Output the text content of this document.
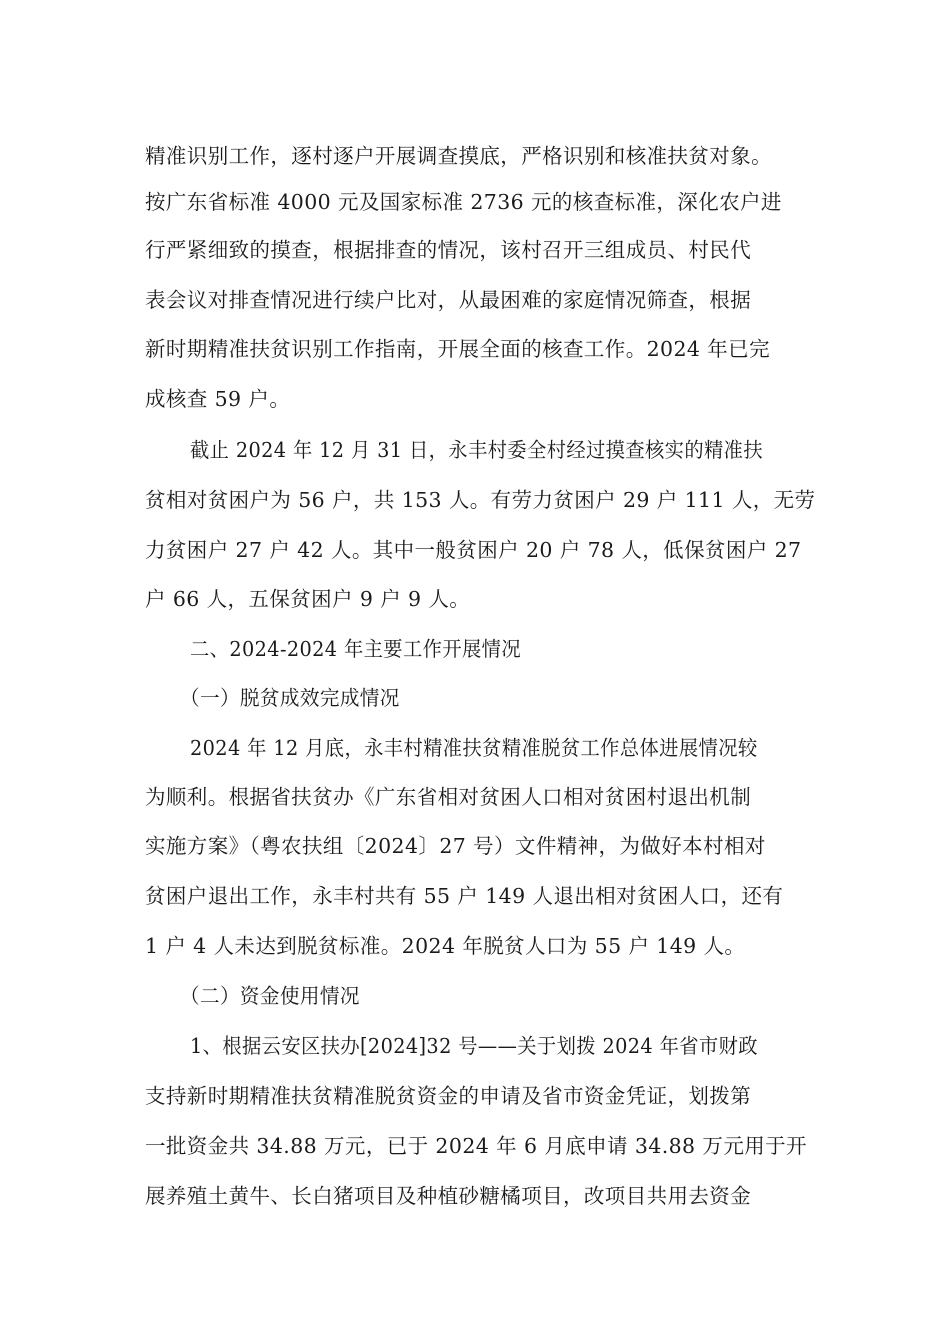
精准识别工作，逐村逐户开展调查摸底，严格识别和核准扶贫对象。
按广东省标准 4000 元及国家标准 2736 元的核查标准，深化农户进
行严紧细致的摸查，根据排查的情况，该村召开三组成员、村民代
表会议对排查情况进行续户比对，从最困难的家庭情况筛查，根据
新时期精准扶贫识别工作指南，开展全面的核查工作。2024 年已完
成核查 59 户。
截止 2024 年 12 月 31 日，永丰村委全村经过摸查核实的精准扶
贫相对贫困户为 56 户，共 153 人。有劳力贫困户 29 户 111 人，无劳
力贫困户 27 户 42 人。其中一般贫困户 20 户 78 人，低保贫困户 27
户 66 人，五保贫困户 9 户 9 人。
二、2024-2024 年主要工作开展情况
（一）脱贫成效完成情况
2024 年 12 月底，永丰村精准扶贫精准脱贫工作总体进展情况较
为顺利。根据省扶贫办《广东省相对贫困人口相对贫困村退出机制
实施方案》（粤农扶组〔2024〕27 号）文件精神，为做好本村相对
贫困户退出工作，永丰村共有 55 户 149 人退出相对贫困人口，还有
1 户 4 人未达到脱贫标准。2024 年脱贫人口为 55 户 149 人。
（二）资金使用情况
1、根据云安区扶办[2024]32 号——关于划拨 2024 年省市财政
支持新时期精准扶贫精准脱贫资金的申请及省市资金凭证，划拨第
一批资金共 34.88 万元，已于 2024 年 6 月底申请 34.88 万元用于开
展养殖土黄牛、长白猪项目及种植砂糖橘项目，改项目共用去资金
